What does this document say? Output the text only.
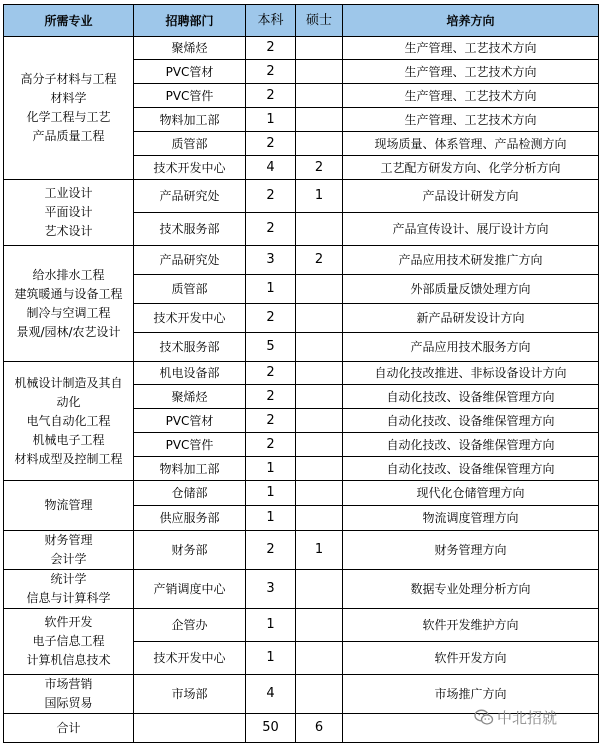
所需专业	招聘部门	本科	硕士	培养方向

高分子材料与工程
材料学
化学工程与工艺
产品质量工程	聚烯烃	2		生产管理、工艺技术方向
	PVC管材	2		生产管理、工艺技术方向
	PVC管件	2		生产管理、工艺技术方向
	物料加工部	1		生产管理、工艺技术方向
	质管部	2		现场质量、体系管理、产品检测方向
	技术开发中心	4	2	工艺配方研发方向、化学分析方向

工业设计
平面设计
艺术设计	产品研究处	2	1	产品设计研发方向
	技术服务部	2		产品宣传设计、展厅设计方向

给水排水工程
建筑暖通与设备工程
制冷与空调工程
景观/园林/农艺设计	产品研究处	3	2	产品应用技术研发推广方向
	质管部	1		外部质量反馈处理方向
	技术开发中心	2		新产品研发设计方向
	技术服务部	5		产品应用技术服务方向

机械设计制造及其自
动化
电气自动化工程
机械电子工程
材料成型及控制工程	机电设备部	2		自动化技改推进、非标设备设计方向
	聚烯烃	2		自动化技改、设备维保管理方向
	PVC管材	2		自动化技改、设备维保管理方向
	PVC管件	2		自动化技改、设备维保管理方向
	物料加工部	1		自动化技改、设备维保管理方向

物流管理	仓储部	1		现代化仓储管理方向
	供应服务部	1		物流调度管理方向

财务管理
会计学	财务部	2	1	财务管理方向

统计学
信息与计算科学	产销调度中心	3		数据专业处理分析方向

软件开发
电子信息工程
计算机信息技术	企管办	1		软件开发维护方向
	技术开发中心	1		软件开发方向

市场营销
国际贸易	市场部	4		市场推广方向
合计		50	6	
中北招就
